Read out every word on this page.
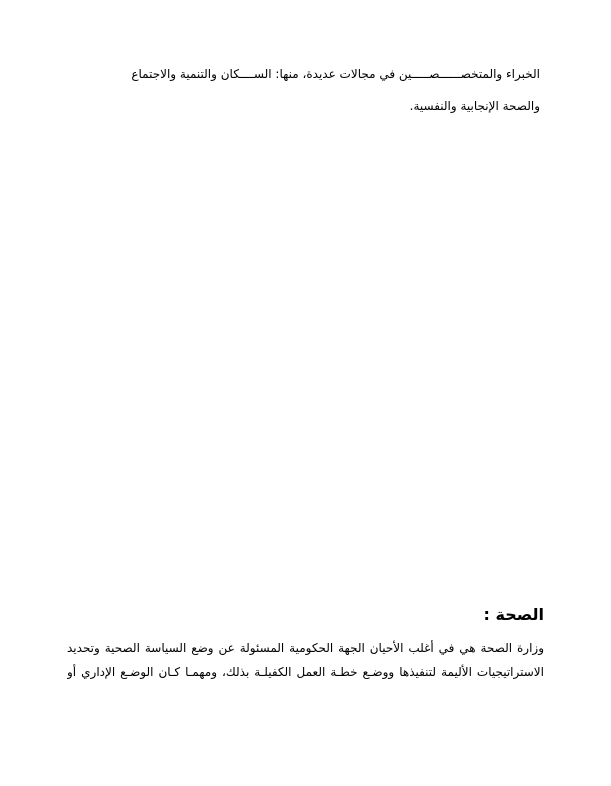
الخبراء والمتخصــــــصـــــين في مجالات عديدة، منها: الســــكان والتنمية والاجتماع
والصحة الإنجابية والنفسية.
الصحة :
وزارة الصحة هي في أغلب الأحيان الجهة الحكومية المسئولة عن وضع السياسة الصحية وتحديد
الاستراتيجيات الأليمة لتنفيذها ووضـع خطـة العمل الكفيلـة بذلك، ومهمـا كـان الوضـع الإداري أو
